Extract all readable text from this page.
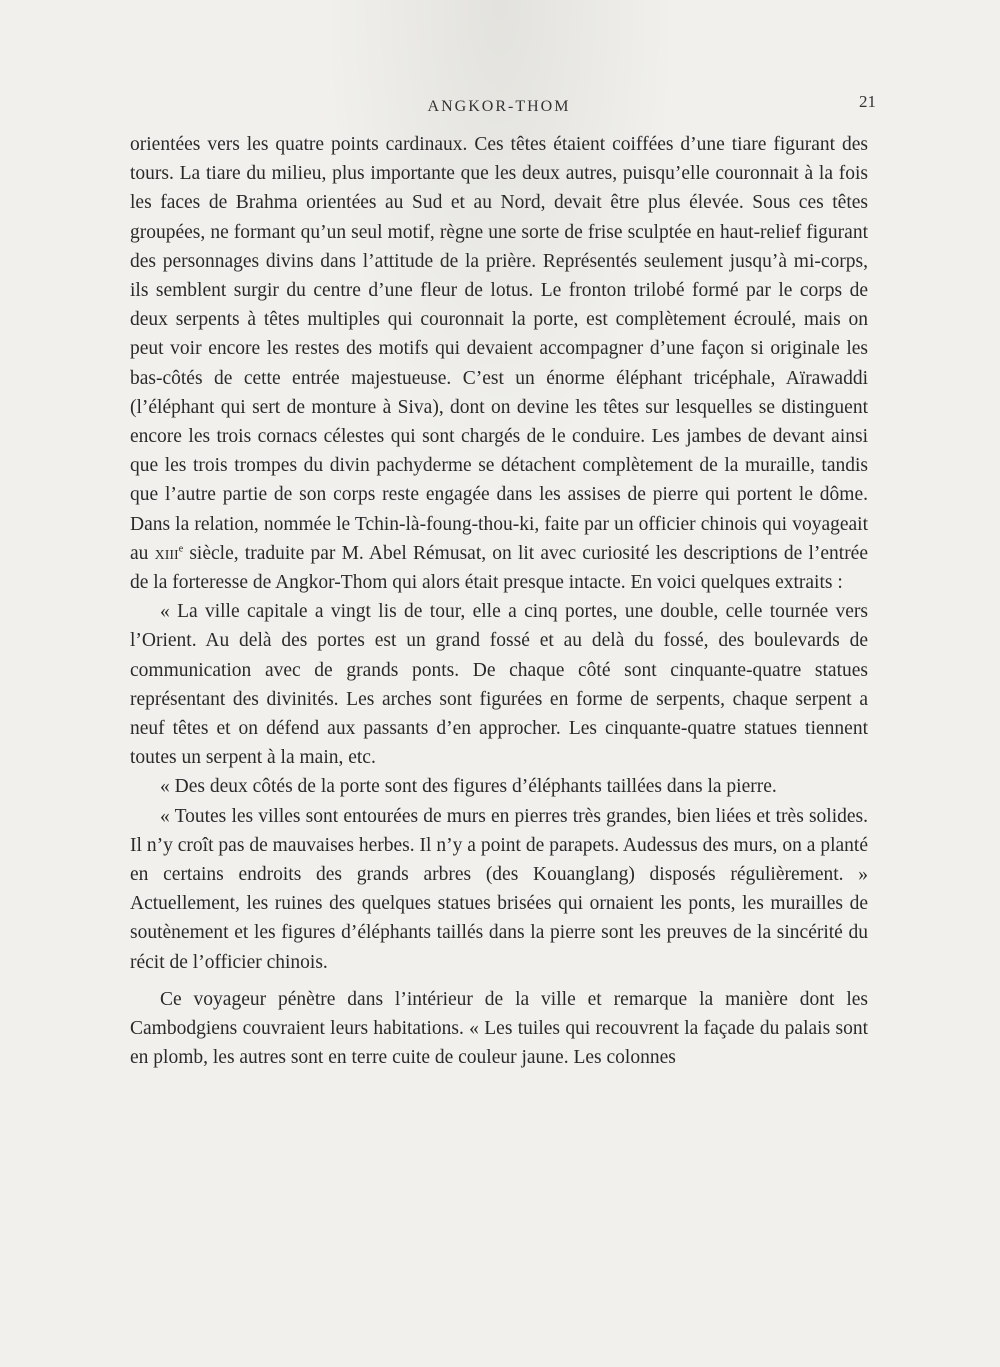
ANGKOR-THOM	21

orientées vers les quatre points cardinaux. Ces têtes étaient coiffées d’une tiare figurant des tours. La tiare du milieu, plus importante que les deux autres, puisqu’elle couronnait à la fois les faces de Brahma orientées au Sud et au Nord, devait être plus élevée. Sous ces têtes groupées, ne formant qu’un seul motif, règne une sorte de frise sculptée en haut-relief figurant des personnages divins dans l’attitude de la prière. Représentés seulement jusqu’à mi-corps, ils semblent surgir du centre d’une fleur de lotus. Le fronton trilobé formé par le corps de deux serpents à têtes multiples qui couronnait la porte, est complètement écroulé, mais on peut voir encore les restes des motifs qui devaient accompagner d’une façon si originale les bas-côtés de cette entrée majestueuse. C’est un énorme éléphant tricéphale, Aïrawaddi (l’éléphant qui sert de monture à Siva), dont on devine les têtes sur lesquelles se distinguent encore les trois cornacs célestes qui sont chargés de le conduire. Les jambes de devant ainsi que les trois trompes du divin pachyderme se détachent complètement de la muraille, tandis que l’autre partie de son corps reste engagée dans les assises de pierre qui portent le dôme. Dans la relation, nommée le Tchin-là-foung-thou-ki, faite par un officier chinois qui voyageait au xiii$^e$ siècle, traduite par M. Abel Rémusat, on lit avec curiosité les descriptions de l’entrée de la forteresse de Angkor-Thom qui alors était presque intacte. En voici quelques extraits :

« La ville capitale a vingt lis de tour, elle a cinq portes, une double, celle tournée vers l’Orient. Au delà des portes est un grand fossé et au delà du fossé, des boulevards de communication avec de grands ponts. De chaque côté sont cinquante-quatre statues représentant des divinités. Les arches sont figurées en forme de serpents, chaque serpent a neuf têtes et on défend aux passants d’en approcher. Les cinquante-quatre statues tiennent toutes un serpent à la main, etc.

« Des deux côtés de la porte sont des figures d’éléphants taillées dans la pierre.

« Toutes les villes sont entourées de murs en pierres très grandes, bien liées et très solides. Il n’y croît pas de mauvaises herbes. Il n’y a point de parapets. Audessus des murs, on a planté en certains endroits des grands arbres (des Kouanglang) disposés régulièrement. » Actuellement, les ruines des quelques statues brisées qui ornaient les ponts, les murailles de soutènement et les figures d’éléphants taillés dans la pierre sont les preuves de la sincérité du récit de l’officier chinois.

Ce voyageur pénètre dans l’intérieur de la ville et remarque la manière dont les Cambodgiens couvraient leurs habitations. « Les tuiles qui recouvrent la façade du palais sont en plomb, les autres sont en terre cuite de couleur jaune. Les colonnes
